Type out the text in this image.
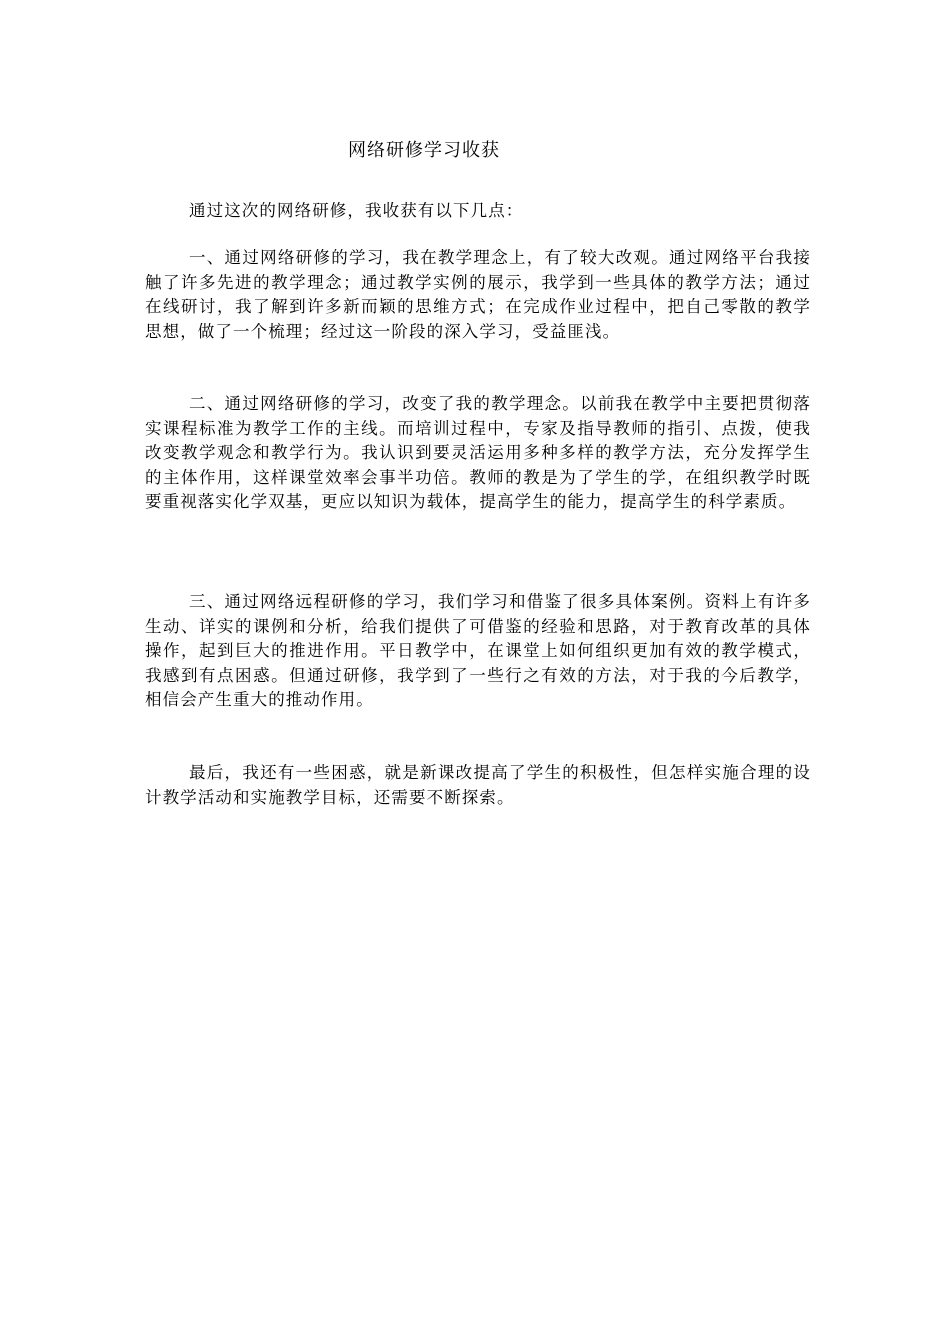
网络研修学习收获

通过这次的网络研修，我收获有以下几点：

一、通过网络研修的学习，我在教学理念上，有了较大改观。通过网络平台我接触了许多先进的教学理念；通过教学实例的展示，我学到一些具体的教学方法；通过在线研讨，我了解到许多新而颖的思维方式；在完成作业过程中，把自己零散的教学思想，做了一个梳理；经过这一阶段的深入学习，受益匪浅。

二、通过网络研修的学习，改变了我的教学理念。以前我在教学中主要把贯彻落实课程标准为教学工作的主线。而培训过程中，专家及指导教师的指引、点拨，使我改变教学观念和教学行为。我认识到要灵活运用多种多样的教学方法，充分发挥学生的主体作用，这样课堂效率会事半功倍。教师的教是为了学生的学，在组织教学时既要重视落实化学双基，更应以知识为载体，提高学生的能力，提高学生的科学素质。

三、通过网络远程研修的学习，我们学习和借鉴了很多具体案例。资料上有许多生动、详实的课例和分析，给我们提供了可借鉴的经验和思路，对于教育改革的具体操作，起到巨大的推进作用。平日教学中，在课堂上如何组织更加有效的教学模式，我感到有点困惑。但通过研修，我学到了一些行之有效的方法，对于我的今后教学，相信会产生重大的推动作用。

最后，我还有一些困惑，就是新课改提高了学生的积极性，但怎样实施合理的设计教学活动和实施教学目标，还需要不断探索。
